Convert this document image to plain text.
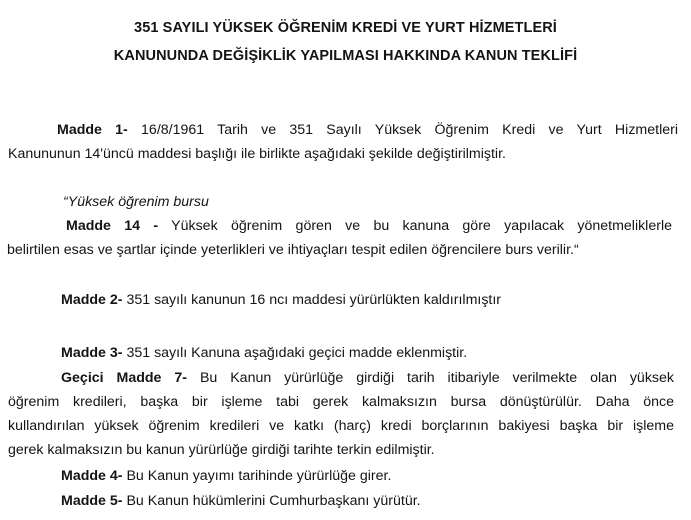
351 SAYILI YÜKSEK ÖĞRENİM KREDİ VE YURT HİZMETLERİ
KANUNUNDA DEĞİŞİKLİK YAPILMASI HAKKINDA KANUN TEKLİFİ
Madde 1- 16/8/1961 Tarih ve 351 Sayılı Yüksek Öğrenim Kredi ve Yurt Hizmetleri
Kanununun 14'üncü maddesi başlığı ile birlikte aşağıdaki şekilde değiştirilmiştir.
“Yüksek öğrenim bursu
Madde 14 - Yüksek öğrenim gören ve bu kanuna göre yapılacak yönetmeliklerle
belirtilen esas ve şartlar içinde yeterlikleri ve ihtiyaçları tespit edilen öğrencilere burs verilir.“
Madde 2- 351 sayılı kanunun 16 ncı maddesi yürürlükten kaldırılmıştır
Madde 3- 351 sayılı Kanuna aşağıdaki geçici madde eklenmiştir.
Geçici Madde 7- Bu Kanun yürürlüğe girdiği tarih itibariyle verilmekte olan yüksek
öğrenim kredileri, başka bir işleme tabi gerek kalmaksızın bursa dönüştürülür. Daha önce
kullandırılan yüksek öğrenim kredileri ve katkı (harç) kredi borçlarının bakiyesi başka bir işleme
gerek kalmaksızın bu kanun yürürlüğe girdiği tarihte terkin edilmiştir.
Madde 4- Bu Kanun yayımı tarihinde yürürlüğe girer.
Madde 5- Bu Kanun hükümlerini Cumhurbaşkanı yürütür.
